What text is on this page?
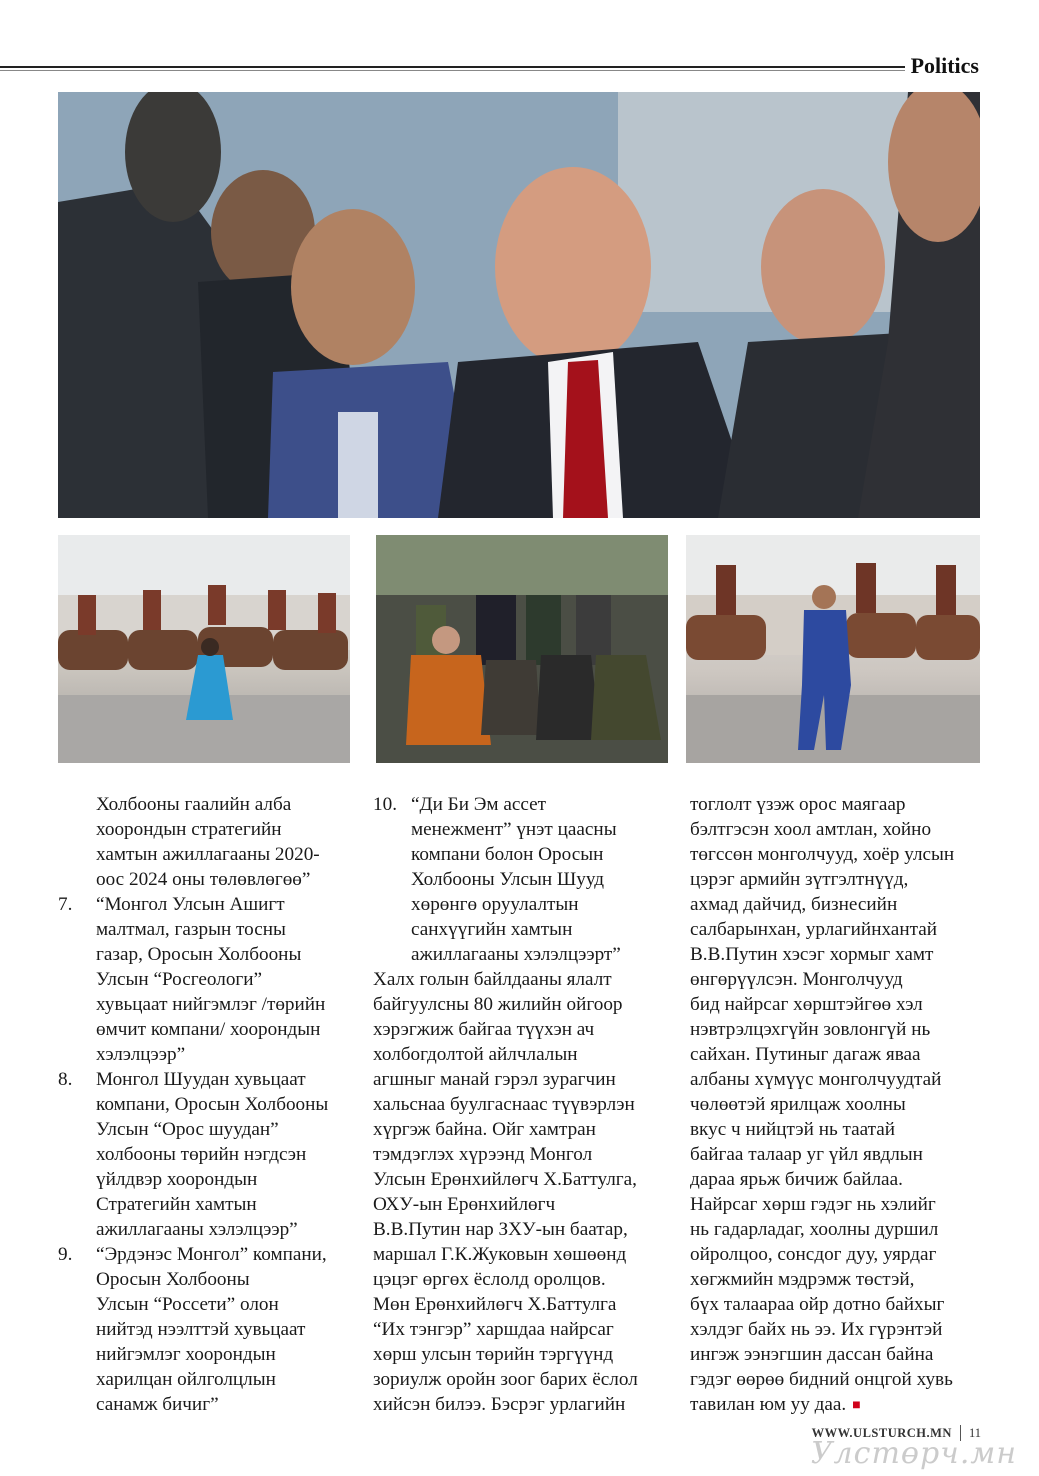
Politics
Холбооны гаалийн алба
хоорондын стратегийн
хамтын ажиллагааны 2020-
оос 2024 оны төлөвлөгөө”
7.	“Монгол Улсын Ашигт
малтмал, газрын тосны
газар, Оросын Холбооны
Улсын “Росгеологи”
хувьцаат нийгэмлэг /төрийн
өмчит компани/ хоорондын
хэлэлцээр”
8.	Монгол Шуудан хувьцаат
компани, Оросын Холбооны
Улсын “Орос шуудан”
холбооны төрийн нэгдсэн
үйлдвэр хоорондын
Стратегийн хамтын
ажиллагааны хэлэлцээр”
9.	“Эрдэнэс Монгол” компани,
Оросын Холбооны
Улсын “Россети” олон
нийтэд нээлттэй хувьцаат
нийгэмлэг хоорондын
харилцан ойлголцлын
санамж бичиг”
10. “Ди Би Эм ассет
менежмент” үнэт цаасны
компани болон Оросын
Холбооны Улсын Шууд
хөрөнгө оруулалтын
санхүүгийн хамтын
ажиллагааны хэлэлцээрт”
Халх голын байлдааны ялалт
байгуулсны 80 жилийн ойгоор
хэрэгжиж байгаа түүхэн ач
холбогдолтой айлчлалын
агшныг манай гэрэл зурагчин
хальснаа буулгаснаас түүвэрлэн
хүргэж байна. Ойг хамтран
тэмдэглэх хүрээнд Монгол
Улсын Ерөнхийлөгч Х.Баттулга,
ОХУ-ын Ерөнхийлөгч
В.В.Путин нар ЗХУ-ын баатар,
маршал Г.К.Жуковын хөшөөнд
цэцэг өргөх ёслолд оролцов.
Мөн Ерөнхийлөгч Х.Баттулга
“Их тэнгэр” харшдаа найрсаг
хөрш улсын төрийн тэргүүнд
зориулж оройн зоог барих ёслол
хийсэн билээ. Бэсрэг урлагийн
тоглолт үзэж орос маягаар
бэлтгэсэн хоол амтлан, хойно
төгссөн монголчууд, хоёр улсын
цэрэг армийн зүтгэлтнүүд,
ахмад дайчид, бизнесийн
салбарынхан, урлагийнхантай
В.В.Путин хэсэг хормыг хамт
өнгөрүүлсэн. Монголчууд
бид найрсаг хөрштэйгөө хэл
нэвтрэлцэхгүйн зовлонгүй нь
сайхан. Путиныг дагаж яваа
албаны хүмүүс монголчуудтай
чөлөөтэй ярилцаж хоолны
вкус ч нийцтэй нь таатай
байгаа талаар уг үйл явдлын
дараа ярьж бичиж байлаа.
Найрсаг хөрш гэдэг нь хэлийг
нь гадарладаг, хоолны дуршил
ойролцоо, сонсдог дуу, уярдаг
хөгжмийн мэдрэмж төстэй,
бүх талаараа ойр дотно байхыг
хэлдэг байх нь ээ. Их гүрэнтэй
ингэж ээнэгшин дассан байна
гэдэг өөрөө бидний онцгой хувь
тавилан юм уу даа. ■
WWW.ULSTURCH.MN 11
Улстөрч.мн
